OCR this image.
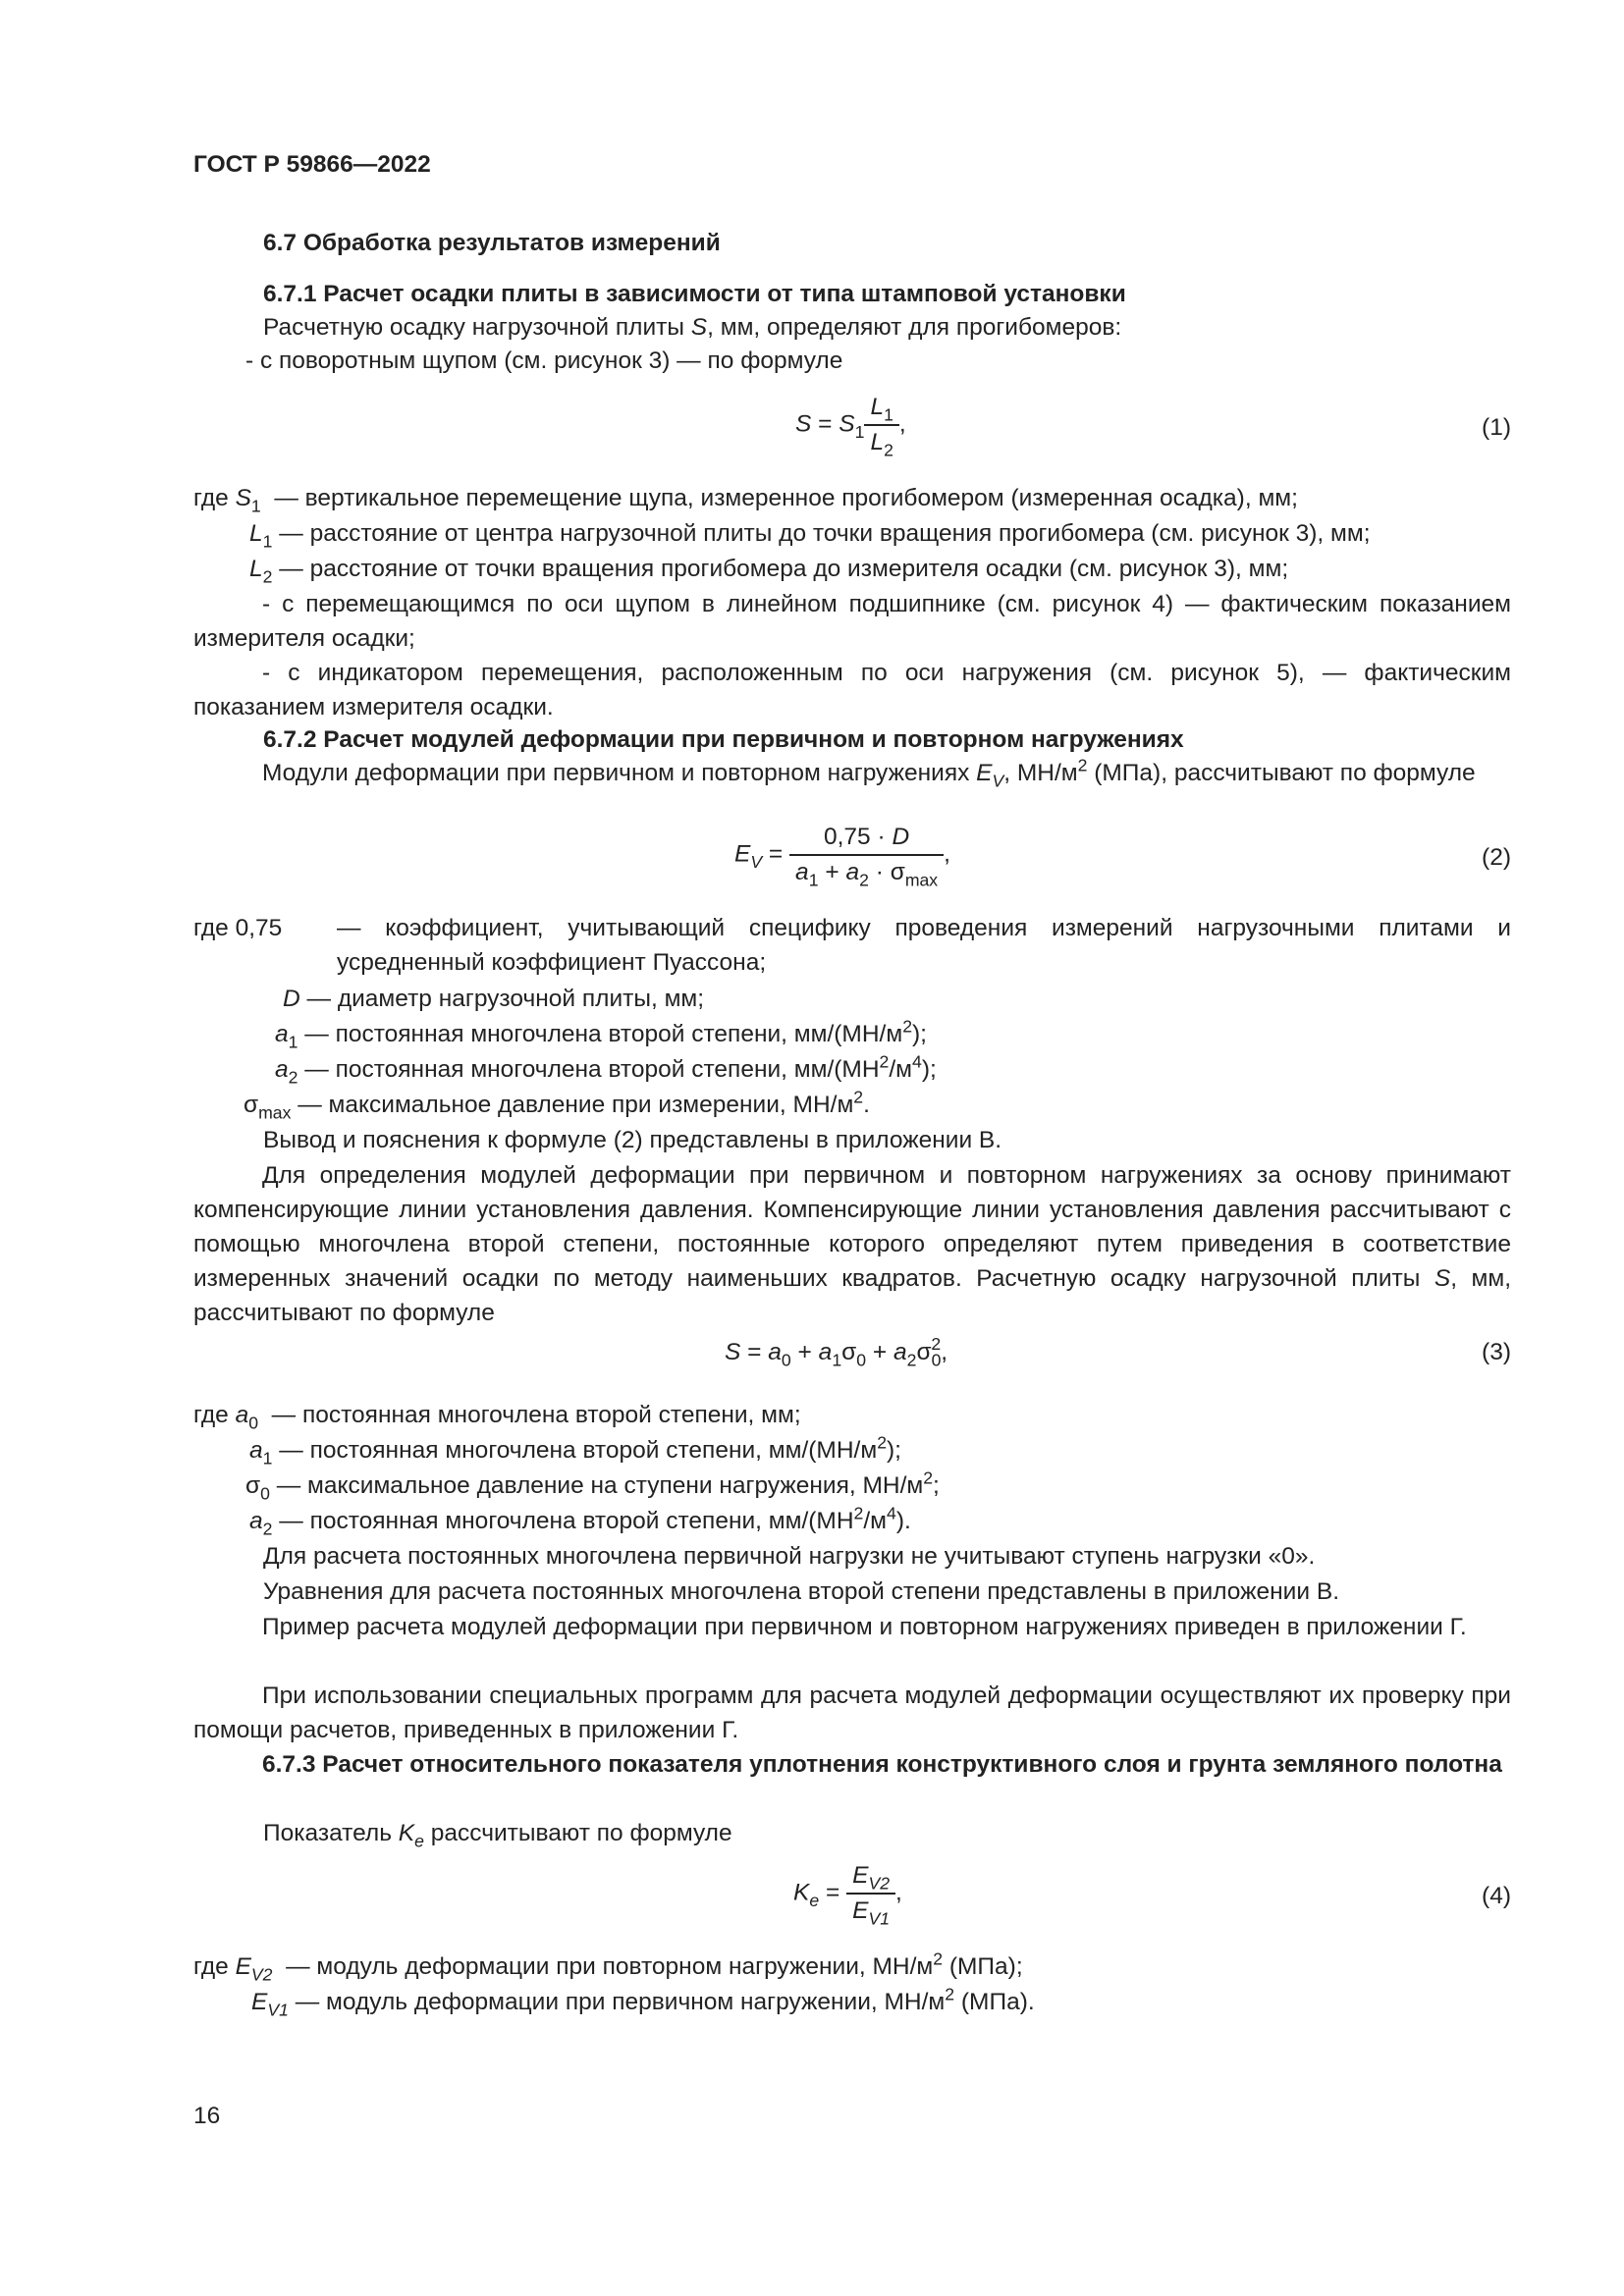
ГОСТ Р 59866—2022
6.7 Обработка результатов измерений
6.7.1 Расчет осадки плиты в зависимости от типа штамповой установки
Расчетную осадку нагрузочной плиты S, мм, определяют для прогибомеров:
- с поворотным щупом (см. рисунок 3) — по формуле
$S = S_1 \frac{L_1}{L_2}$ ,	(1)
где $S_1$ — вертикальное перемещение щупа, измеренное прогибомером (измеренная осадка), мм;
$L_1$ — расстояние от центра нагрузочной плиты до точки вращения прогибомера (см. рисунок 3), мм;
$L_2$ — расстояние от точки вращения прогибомера до измерителя осадки (см. рисунок 3), мм;
- с перемещающимся по оси щупом в линейном подшипнике (см. рисунок 4) — фактическим показанием измерителя осадки;
- с индикатором перемещения, расположенным по оси нагружения (см. рисунок 5), — фактическим показанием измерителя осадки.
6.7.2 Расчет модулей деформации при первичном и повторном нагружениях
Модули деформации при первичном и повторном нагружениях $E_V$, $МН/м^2$ (МПа), рассчитывают по формуле
$E_V = \frac{0,75 \cdot D}{a_1 + a_2 \cdot \sigma_{max}}$ ,	(2)
где 0,75 — коэффициент, учитывающий специфику проведения измерений нагрузочными плитами и усредненный коэффициент Пуассона;
D — диаметр нагрузочной плиты, мм;
$a_1$ — постоянная многочлена второй степени, $мм/(МН/м^2)$;
$a_2$ — постоянная многочлена второй степени, $мм/(МН^2/м^4)$;
$\sigma_{max}$ — максимальное давление при измерении, $МН/м^2$.
Вывод и пояснения к формуле (2) представлены в приложении В.
Для определения модулей деформации при первичном и повторном нагружениях за основу принимают компенсирующие линии установления давления. Компенсирующие линии установления давления рассчитывают с помощью многочлена второй степени, постоянные которого определяют путем приведения в соответствие измеренных значений осадки по методу наименьших квадратов. Расчетную осадку нагрузочной плиты S, мм, рассчитывают по формуле
$S = a_0 + a_1\sigma_0 + a_2\sigma_0^2$,	(3)
где $a_0$ — постоянная многочлена второй степени, мм;
$a_1$ — постоянная многочлена второй степени, $мм/(МН/м^2)$;
$\sigma_0$ — максимальное давление на ступени нагружения, $МН/м^2$;
$a_2$ — постоянная многочлена второй степени, $мм/(МН^2/м^4)$.
Для расчета постоянных многочлена первичной нагрузки не учитывают ступень нагрузки «0».
Уравнения для расчета постоянных многочлена второй степени представлены в приложении В.
Пример расчета модулей деформации при первичном и повторном нагружениях приведен в приложении Г.
При использовании специальных программ для расчета модулей деформации осуществляют их проверку при помощи расчетов, приведенных в приложении Г.
6.7.3 Расчет относительного показателя уплотнения конструктивного слоя и грунта земляного полотна
Показатель $K_e$ рассчитывают по формуле
$K_e = \frac{E_{V2}}{E_{V1}}$ ,	(4)
где $E_{V2}$ — модуль деформации при повторном нагружении, $МН/м^2$ (МПа);
$E_{V1}$ — модуль деформации при первичном нагружении, $МН/м^2$ (МПа).
16
